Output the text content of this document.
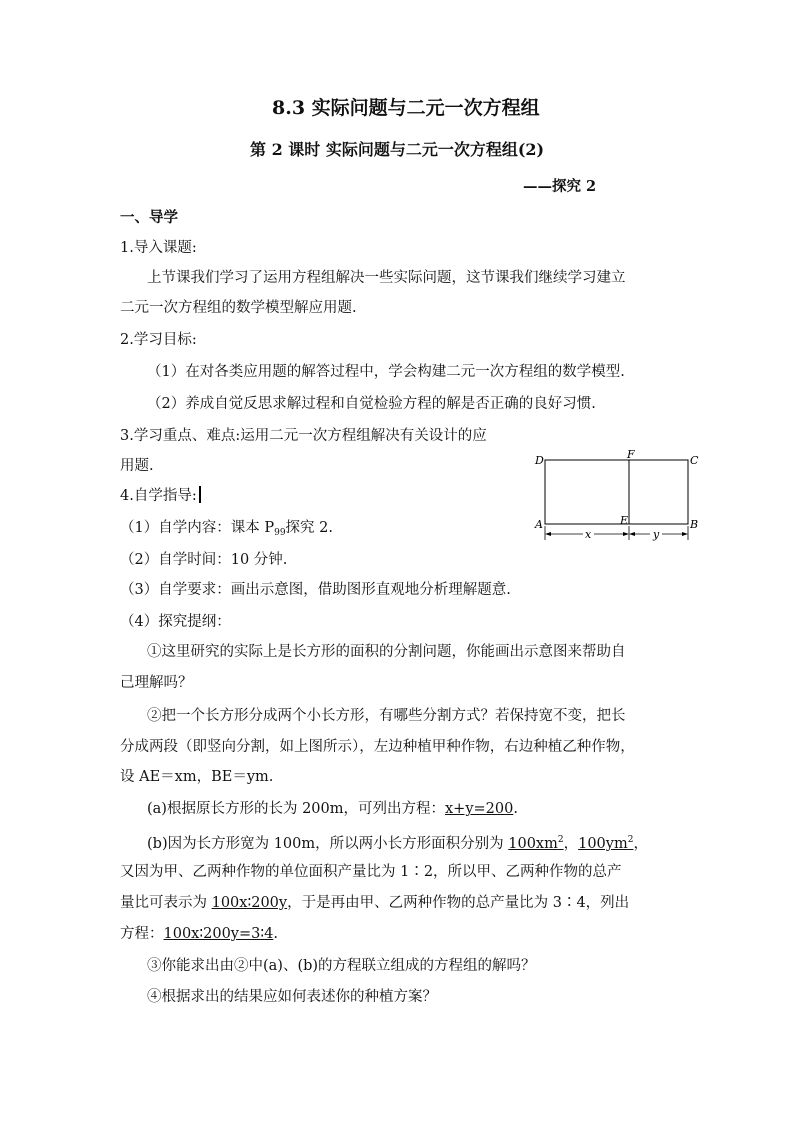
8.3 实际问题与二元一次方程组
第 2 课时 实际问题与二元一次方程组(2)
——探究 2
一、导学
1.导入课题:
上节课我们学习了运用方程组解决一些实际问题，这节课我们继续学习建立
二元一次方程组的数学模型解应用题.
2.学习目标:
（1）在对各类应用题的解答过程中，学会构建二元一次方程组的数学模型.
（2）养成自觉反思求解过程和自觉检验方程的解是否正确的良好习惯.
3.学习重点、难点:运用二元一次方程组解决有关设计的应
用题.
4.自学指导:
（1）自学内容：课本 $P_{99}$探究 2.
（2）自学时间：10 分钟.
（3）自学要求：画出示意图，借助图形直观地分析理解题意.
（4）探究提纲：
①这里研究的实际上是长方形的面积的分割问题，你能画出示意图来帮助自
己理解吗？
②把一个长方形分成两个小长方形，有哪些分割方式？若保持宽不变，把长
分成两段（即竖向分割，如上图所示），左边种植甲种作物，右边种植乙种作物，
设 AE＝xm，BE＝ym.
(a)根据原长方形的长为 200m，可列出方程：x+y=200.
(b)因为长方形宽为 100m，所以两小长方形面积分别为 $100xm^2$，$100ym^2$，
又因为甲、乙两种作物的单位面积产量比为 1∶2，所以甲、乙两种作物的总产
量比可表示为 100x∶200y，于是再由甲、乙两种作物的总产量比为 3∶4，列出
方程：100x∶200y=3∶4.
③你能求出由②中(a)、(b)的方程联立组成的方程组的解吗？
④根据求出的结果应如何表述你的种植方案？
D	F	C
A	E	B
x	y
